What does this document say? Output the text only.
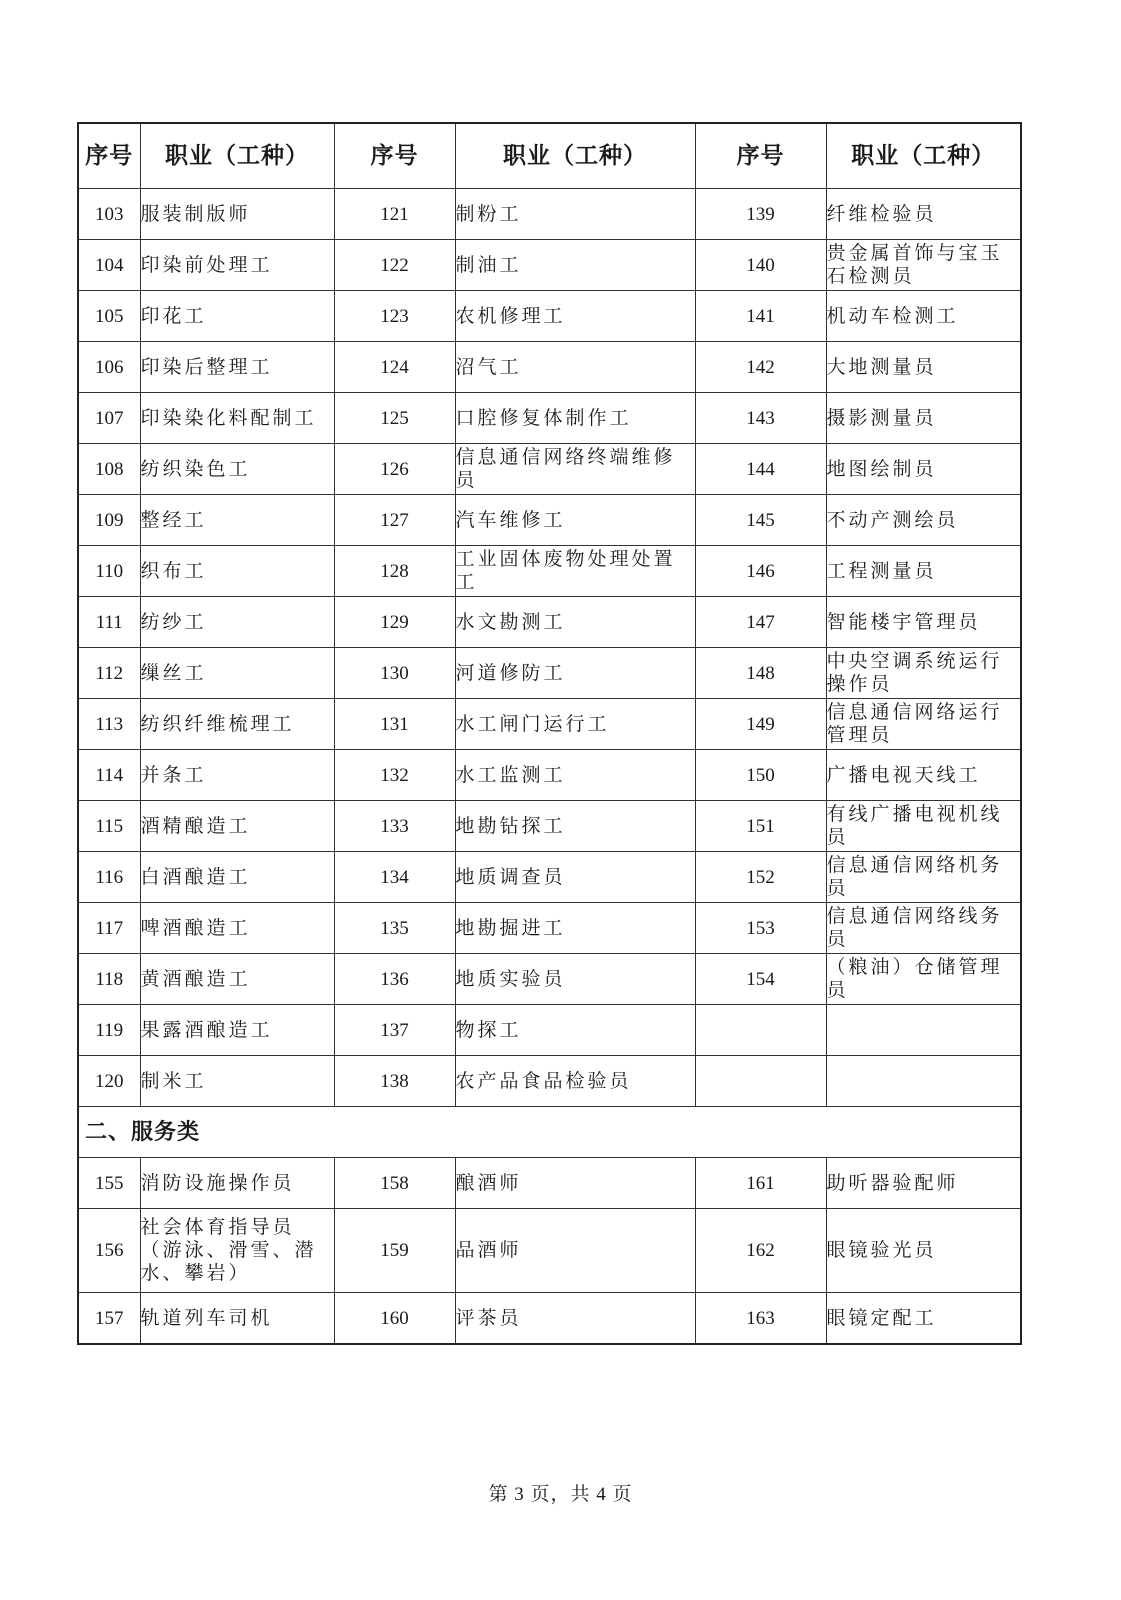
序号	职业（工种）	序号	职业（工种）	序号	职业（工种）
103	服装制版师	121	制粉工	139	纤维检验员
104	印染前处理工	122	制油工	140	贵金属首饰与宝玉石检测员
105	印花工	123	农机修理工	141	机动车检测工
106	印染后整理工	124	沼气工	142	大地测量员
107	印染染化料配制工	125	口腔修复体制作工	143	摄影测量员
108	纺织染色工	126	信息通信网络终端维修员	144	地图绘制员
109	整经工	127	汽车维修工	145	不动产测绘员
110	织布工	128	工业固体废物处理处置工	146	工程测量员
111	纺纱工	129	水文勘测工	147	智能楼宇管理员
112	缫丝工	130	河道修防工	148	中央空调系统运行操作员
113	纺织纤维梳理工	131	水工闸门运行工	149	信息通信网络运行管理员
114	并条工	132	水工监测工	150	广播电视天线工
115	酒精酿造工	133	地勘钻探工	151	有线广播电视机线员
116	白酒酿造工	134	地质调查员	152	信息通信网络机务员
117	啤酒酿造工	135	地勘掘进工	153	信息通信网络线务员
118	黄酒酿造工	136	地质实验员	154	（粮油）仓储管理员
119	果露酒酿造工	137	物探工		
120	制米工	138	农产品食品检验员		
二、服务类					
155	消防设施操作员	158	酿酒师	161	助听器验配师
156	社会体育指导员（游泳、滑雪、潜水、攀岩）	159	品酒师	162	眼镜验光员
157	轨道列车司机	160	评茶员	163	眼镜定配工
第 3 页，共 4 页
